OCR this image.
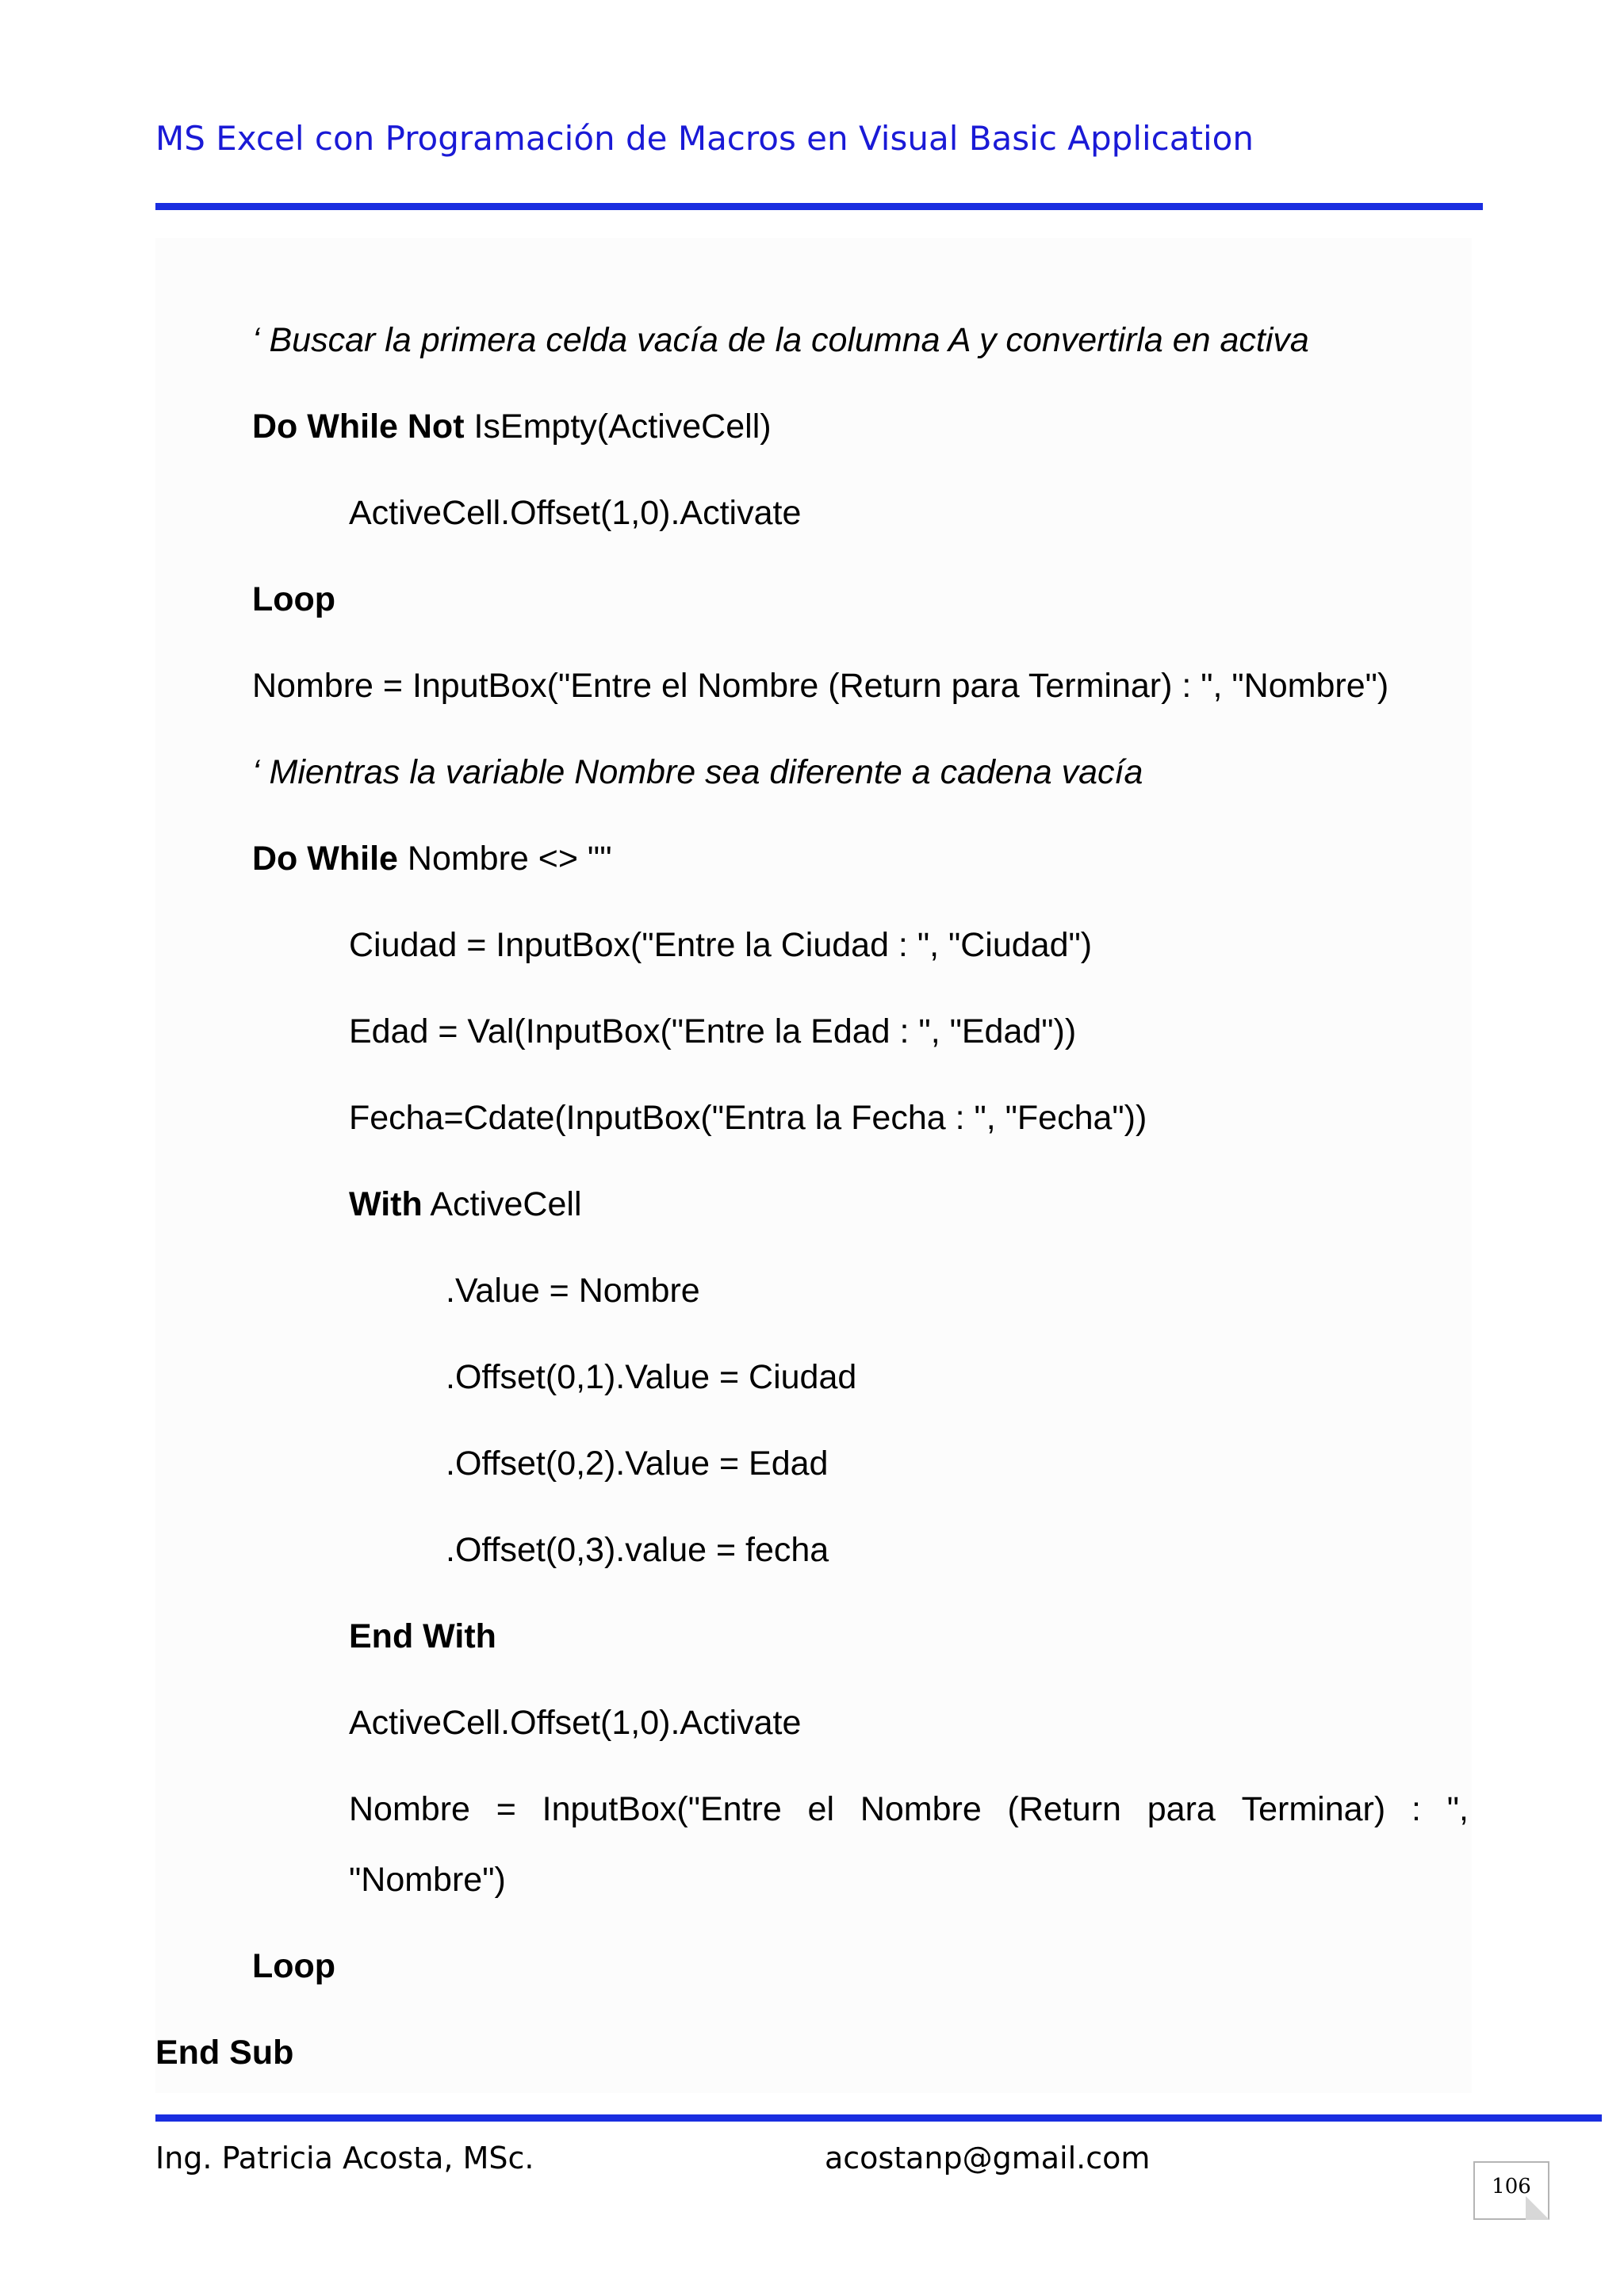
MS Excel con Programación de Macros en Visual Basic Application
‘ Buscar la primera celda vacía de la columna A y convertirla en activa
Do While Not IsEmpty(ActiveCell)
ActiveCell.Offset(1,0).Activate
Loop
Nombre = InputBox("Entre el Nombre (Return para Terminar) : ", "Nombre")
‘ Mientras la variable Nombre sea diferente a cadena vacía
Do While Nombre <> ""
Ciudad = InputBox("Entre la Ciudad : ", "Ciudad")
Edad = Val(InputBox("Entre la Edad : ", "Edad"))
Fecha=Cdate(InputBox("Entra la Fecha : ", "Fecha"))
With ActiveCell
.Value = Nombre
.Offset(0,1).Value = Ciudad
.Offset(0,2).Value = Edad
.Offset(0,3).value = fecha
End With
ActiveCell.Offset(1,0).Activate
Nombre = InputBox("Entre el Nombre (Return para Terminar) : ",
"Nombre")
Loop
End Sub
Ing. Patricia Acosta, MSc.	acostanp@gmail.com
106
